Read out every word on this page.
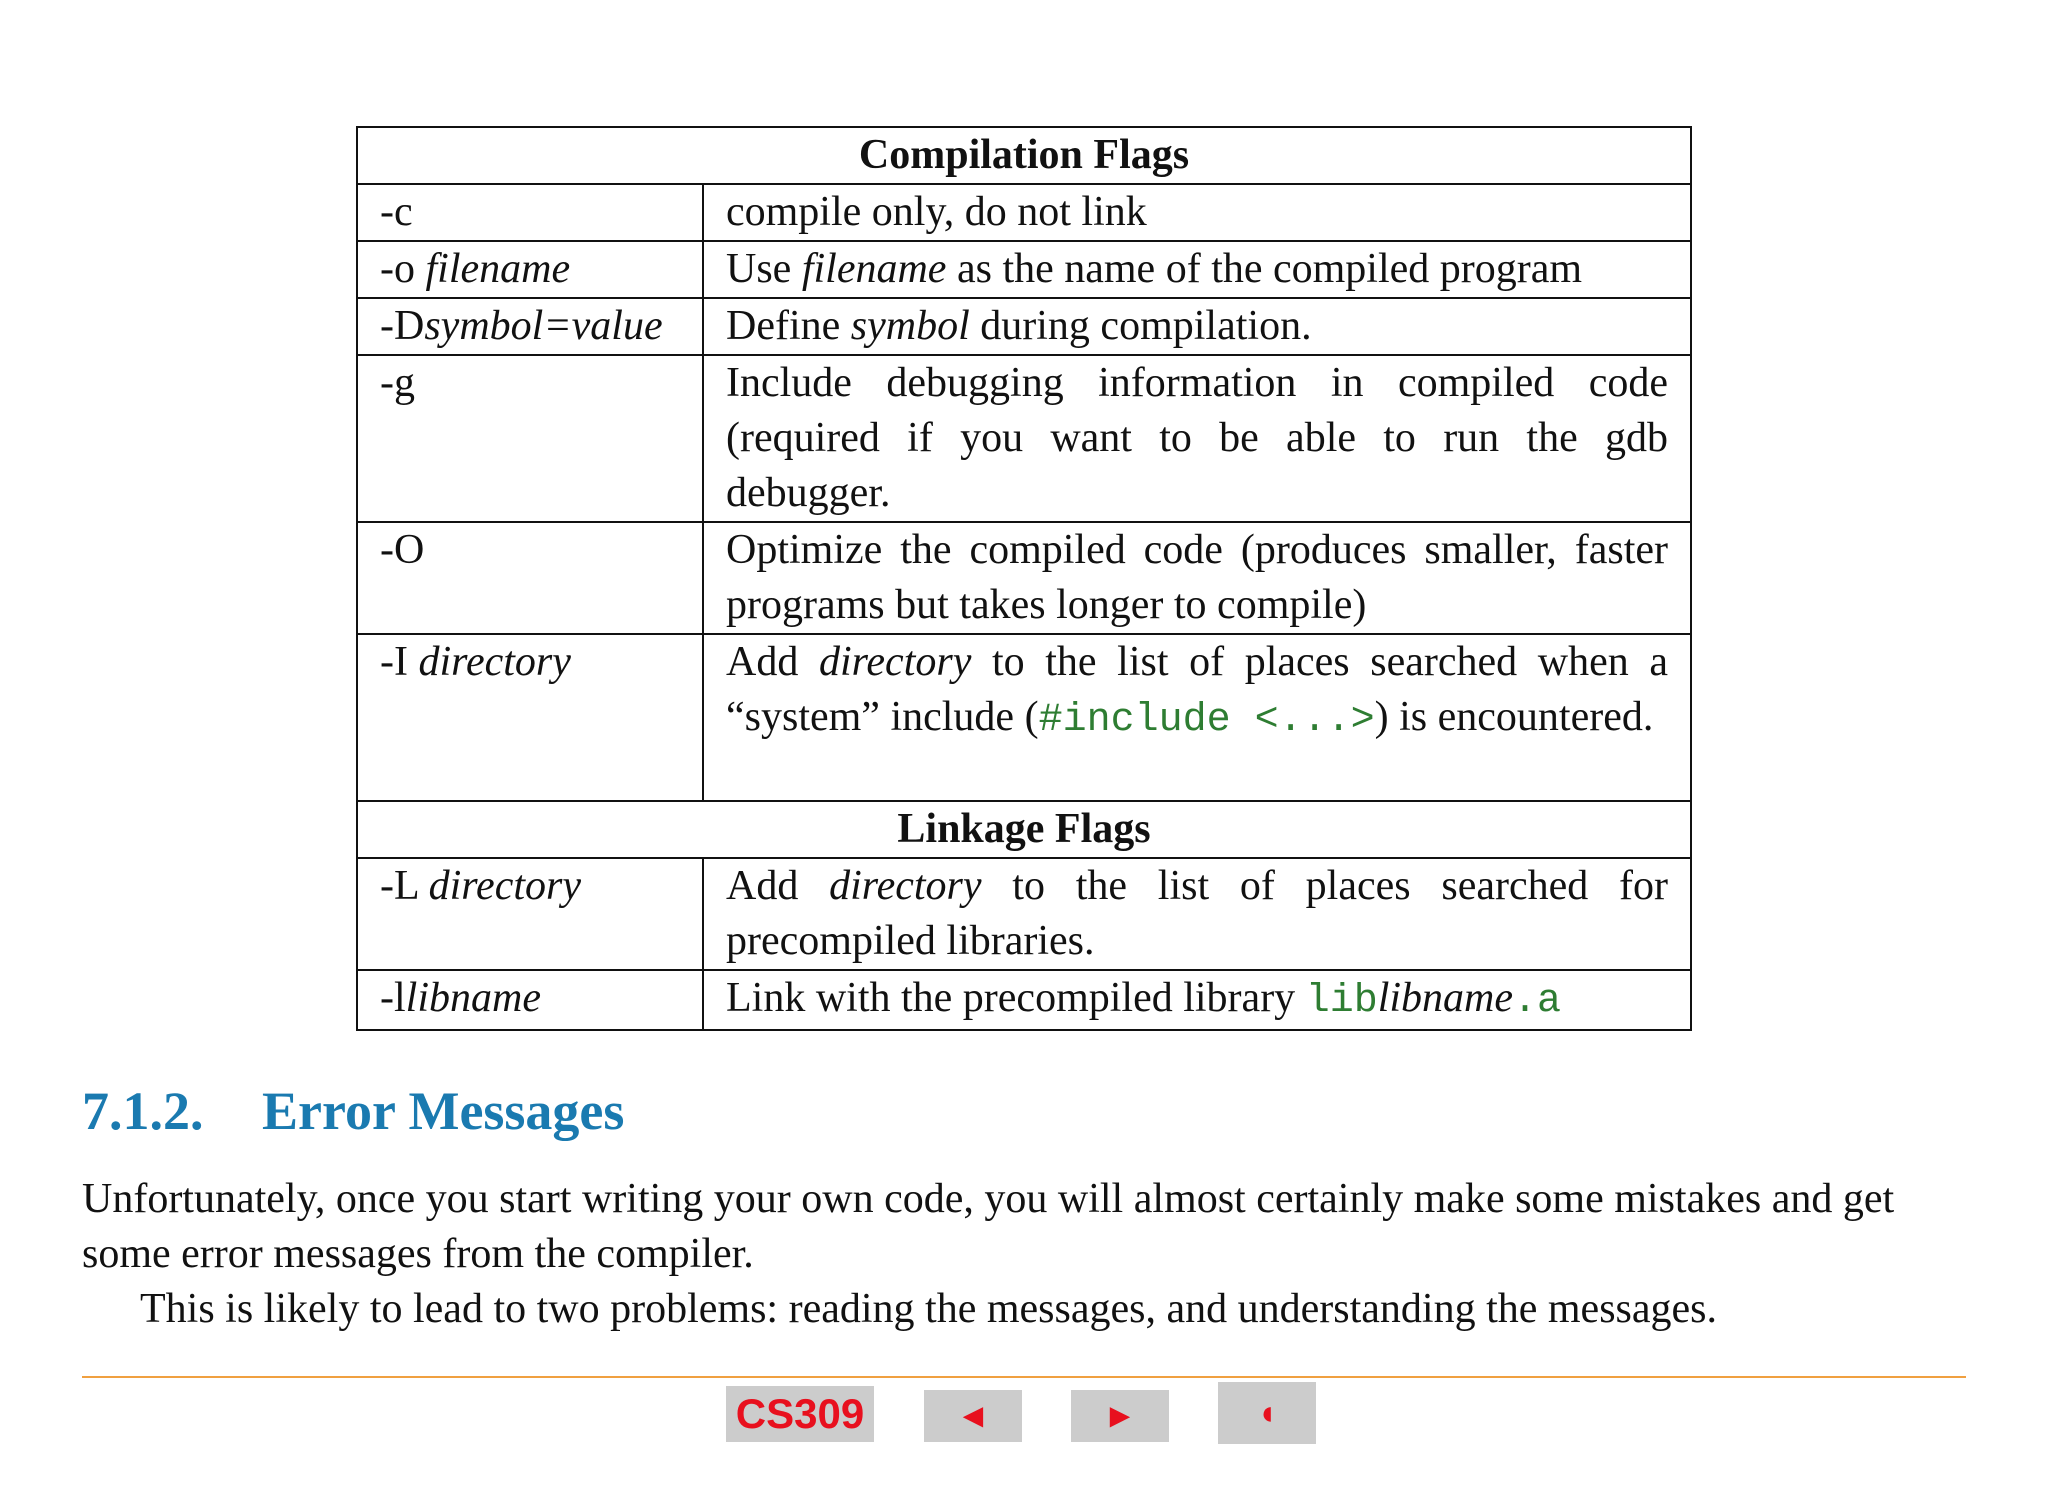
Compilation Flags	
-c	compile only, do not link
-o filename	Use filename as the name of the compiled program
-Dsymbol=value	Define symbol during compilation.
-g	Include debugging information in compiled code (required if you want to be able to run the gdb debugger.
-O	Optimize the compiled code (produces smaller, faster programs but takes longer to compile)
-I directory	Add directory to the list of places searched when a “system” include (#include <...>) is encountered.
Linkage Flags	
-L directory	Add directory to the list of places searched for precompiled libraries.
-llibname	Link with the precompiled library liblibname.a
7.1.2. Error Messages

Unfortunately, once you start writing your own code, you will almost certainly make some mistakes and get some error messages from the compiler.

This is likely to lead to two problems: reading the messages, and understanding the messages.

CS309	◄	►	◖
